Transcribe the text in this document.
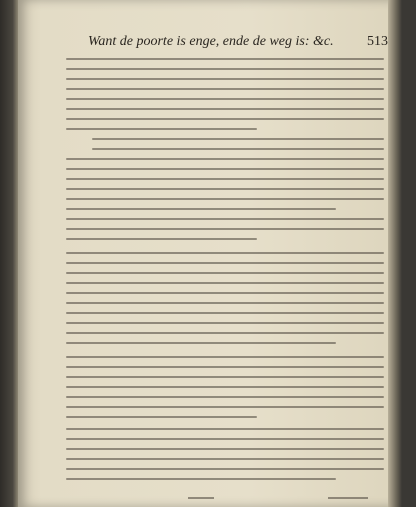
Want de poorte is enge, ende de weg is: &c. 513
